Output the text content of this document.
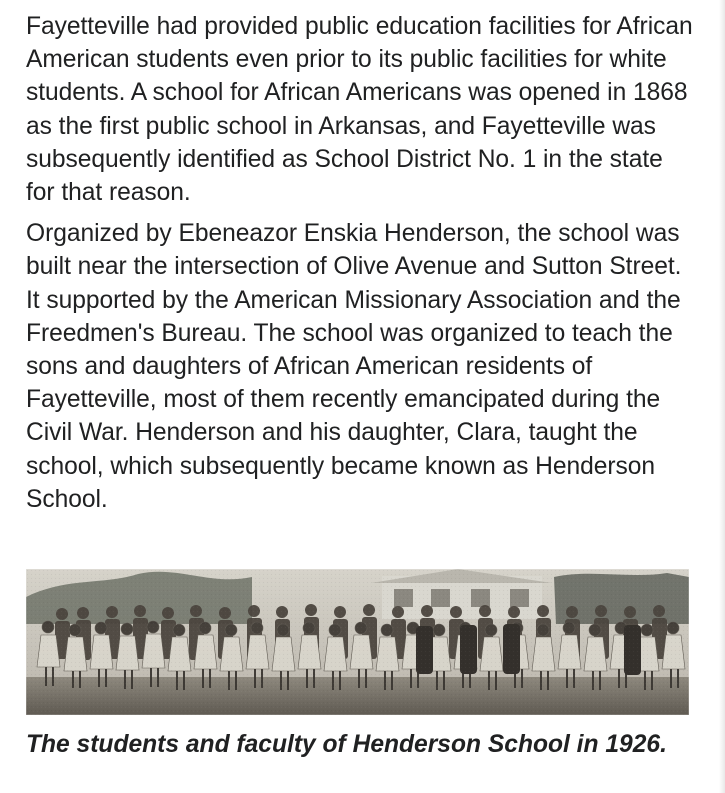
Fayetteville had provided public education facilities for African American students even prior to its public facilities for white students. A school for African Americans was opened in 1868 as the first public school in Arkansas, and Fayetteville was subsequently identified as School District No. 1 in the state for that reason.

Organized by Ebeneazor Enskia Henderson, the school was built near the intersection of Olive Avenue and Sutton Street. It supported by the American Missionary Association and the Freedmen's Bureau. The school was organized to teach the sons and daughters of African American residents of Fayetteville, most of them recently emancipated during the Civil War. Henderson and his daughter, Clara, taught the school, which subsequently became known as Henderson School.

The students and faculty of Henderson School in 1926.
